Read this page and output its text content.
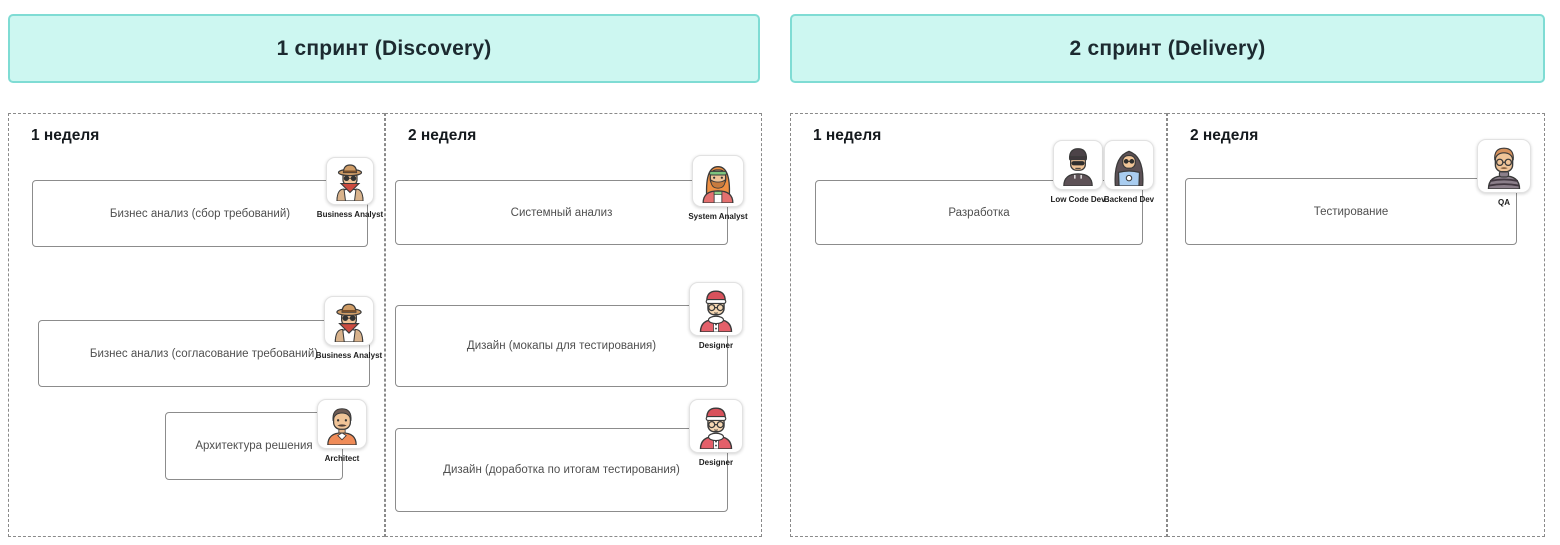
1 спринт (Discovery)	2 спринт (Delivery)
1 неделя	2 неделя	1 неделя	2 неделя
Бизнес анализ (сбор требований)
Бизнес анализ (согласование требований)
Архитектура решения
Системный анализ
Дизайн (мокапы для тестирования)
Дизайн (доработка по итогам тестирования)
Разработка	Тестирование
Business Analyst
Business Analyst
Architect
System Analyst
Designer
Designer
Low Code Dev
Backend Dev	QA
